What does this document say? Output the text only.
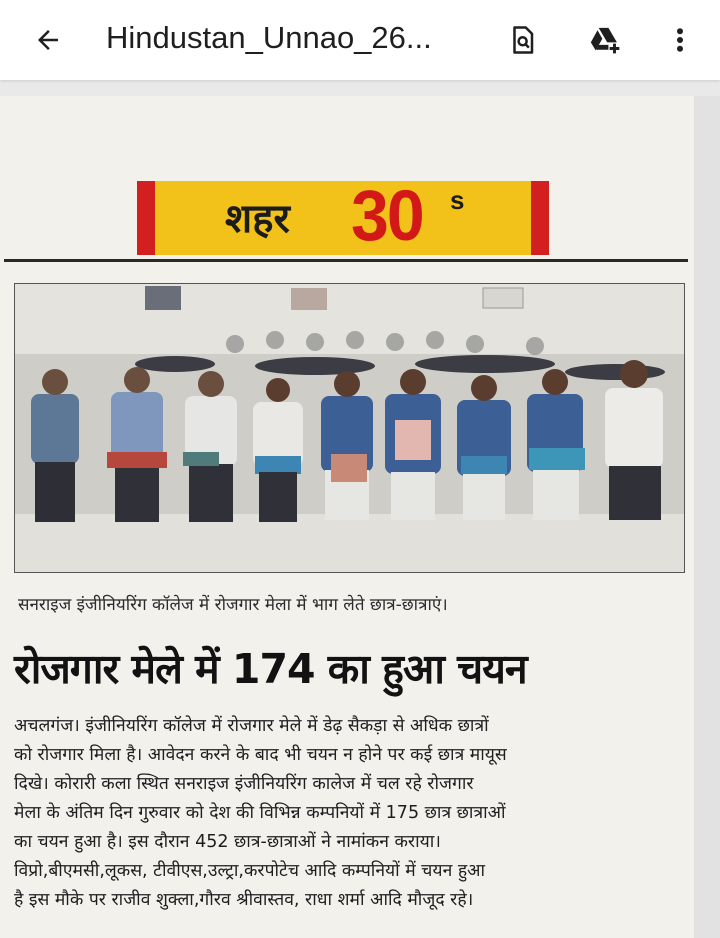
Hindustan_Unnao_26...
शहर 30 s
सनराइज इंजीनियरिंग कॉलेज में रोजगार मेला में भाग लेते छात्र-छात्राएं।
रोजगार मेले में 174 का हुआ चयन
अचलगंज। इंजीनियरिंग कॉलेज में रोजगार मेले में डेढ़ सैकड़ा से अधिक छात्रों
को रोजगार मिला है। आवेदन करने के बाद भी चयन न होने पर कई छात्र मायूस
दिखे। कोरारी कला स्थित सनराइज इंजीनियरिंग कालेज में चल रहे रोजगार
मेला के अंतिम दिन गुरुवार को देश की विभिन्न कम्पनियों में 175 छात्र छात्राओं
का चयन हुआ है। इस दौरान 452 छात्र-छात्राओं ने नामांकन कराया।
विप्रो,बीएमसी,लूकस, टीवीएस,उल्ट्रा,करपोटेच आदि कम्पनियों में चयन हुआ
है इस मौके पर राजीव शुक्ला,गौरव श्रीवास्तव, राधा शर्मा आदि मौजूद रहे।
